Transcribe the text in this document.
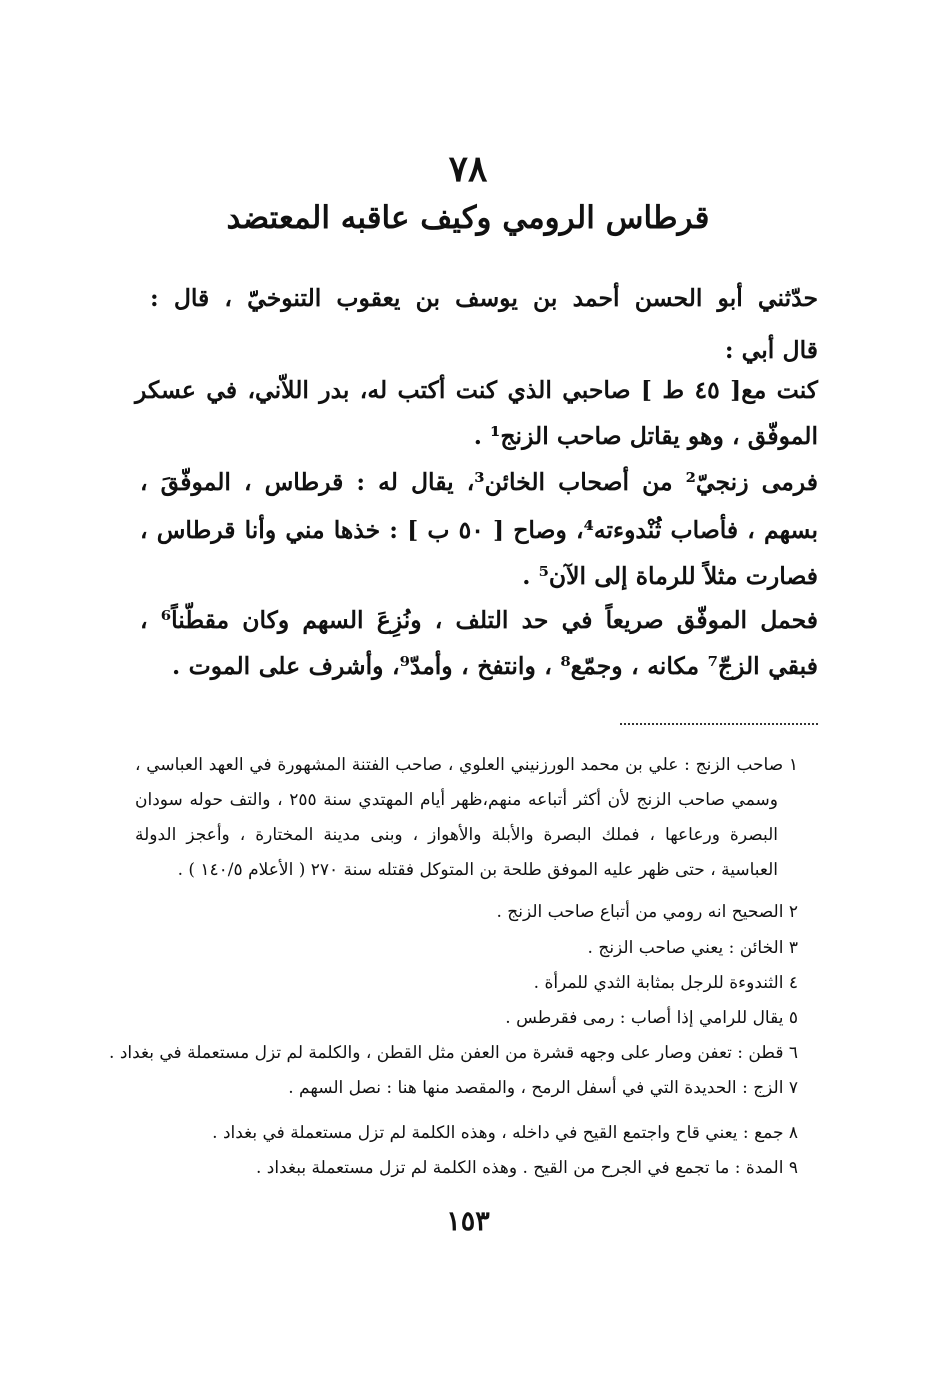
٧٨
قرطاس الرومي وكيف عاقبه المعتضد
حدّثني أبو الحسن أحمد بن يوسف بن يعقوب التنوخيّ ، قال :
قال أبي :
كنت مع[ ٤٥ ط ] صاحبي الذي كنت أكتب له، بدر اللاّني، في عسكر
الموفّق ، وهو يقاتل صاحب الزنج¹ .
فرمى زنجيّ² من أصحاب الخائن³، يقال له : قرطاس ، الموفّقَ ،
بسهم ، فأصاب ثُنْدوءته⁴، وصاح [ ٥٠ ب ] : خذها مني وأنا قرطاس ،
فصارت مثلاً للرماة إلى الآن⁵ .
فحمل الموفّق صريعاً في حد التلف ، ونُزِعَ السهم وكان مقطّناً⁶ ،
فبقي الزجّ⁷ مكانه ، وجمّع⁸ ، وانتفخ ، وأمدّ⁹، وأشرف على الموت .
١ صاحب الزنج : علي بن محمد الورزنيني العلوي ، صاحب الفتنة المشهورة في العهد العباسي ،
وسمي صاحب الزنج لأن أكثر أتباعه منهم،ظهر أيام المهتدي سنة ٢٥٥ ، والتف حوله سودان
البصرة ورعاعها ، فملك البصرة والأبلة والأهواز ، وبنى مدينة المختارة ، وأعجز الدولة
العباسية ، حتى ظهر عليه الموفق طلحة بن المتوكل فقتله سنة ٢٧٠ ( الأعلام ١٤٠/٥ ) .
٢ الصحيح انه رومي من أتباع صاحب الزنج .
٣ الخائن : يعني صاحب الزنج .
٤ الثندوءة للرجل بمثابة الثدي للمرأة .
٥ يقال للرامي إذا أصاب : رمى فقرطس .
٦ قطن : تعفن وصار على وجهه قشرة من العفن مثل القطن ، والكلمة لم تزل مستعملة في بغداد .
٧ الزج : الحديدة التي في أسفل الرمح ، والمقصد منها هنا : نصل السهم .
٨ جمع : يعني قاح واجتمع القيح في داخله ، وهذه الكلمة لم تزل مستعملة في بغداد .
٩ المدة : ما تجمع في الجرح من القيح . وهذه الكلمة لم تزل مستعملة ببغداد .
١٥٣
